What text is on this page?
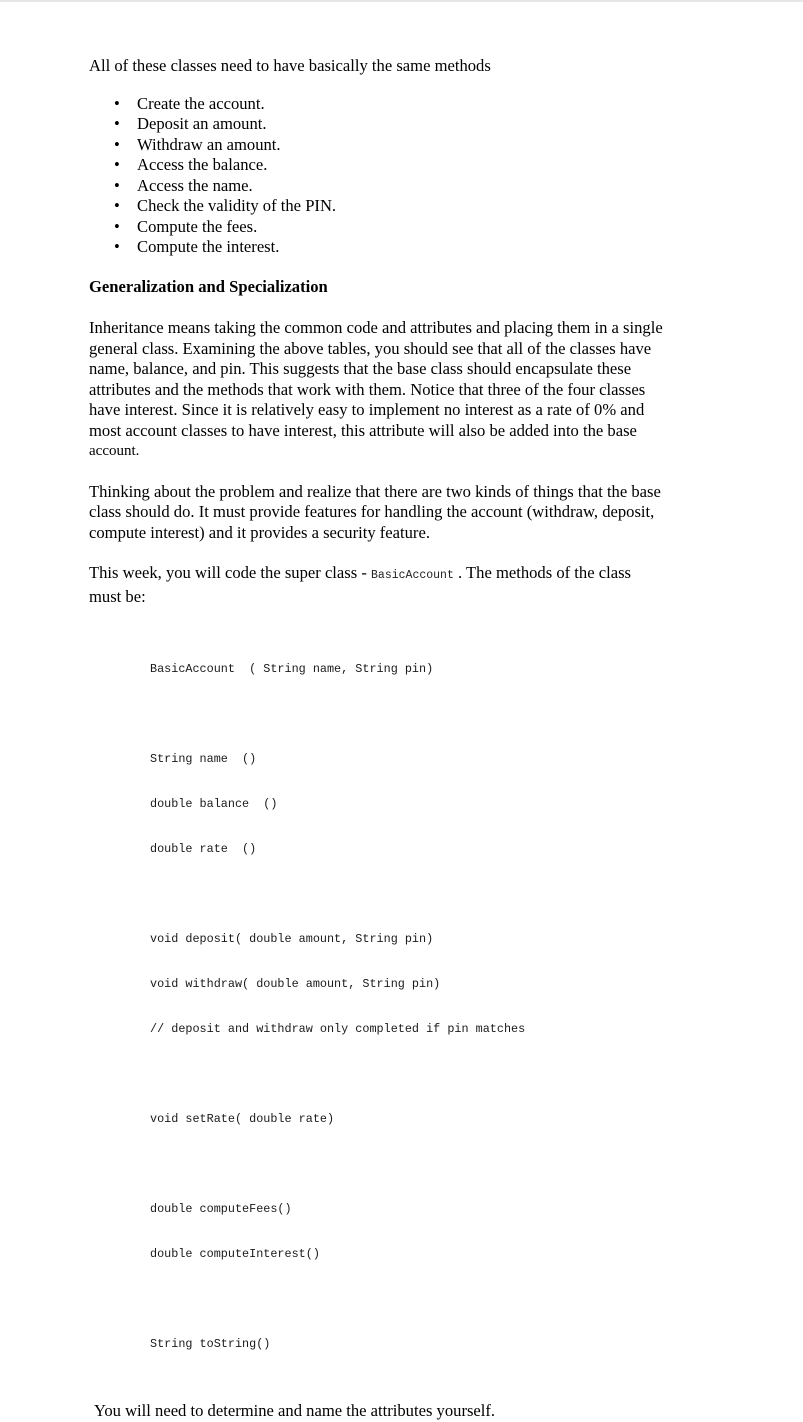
All of these classes need to have basically the same methods

• Create the account.
• Deposit an amount.
• Withdraw an amount.
• Access the balance.
• Access the name.
• Check the validity of the PIN.
• Compute the fees.
• Compute the interest.
Generalization and Specialization
Inheritance means taking the common code and attributes and placing them in a single
general class. Examining the above tables, you should see that all of the classes have
name, balance, and pin. This suggests that the base class should encapsulate these
attributes and the methods that work with them. Notice that three of the four classes
have interest. Since it is relatively easy to implement no interest as a rate of 0% and
most account classes to have interest, this attribute will also be added into the base
account.
Thinking about the problem and realize that there are two kinds of things that the base
class should do. It must provide features for handling the account (withdraw, deposit,
compute interest) and it provides a security feature.
This week, you will code the super class - BasicAccount . The methods of the class
must be:

BasicAccount  ( String name, String pin)

String name  ()

double balance  ()

double rate  ()

void deposit( double amount, String pin)

void withdraw( double amount, String pin)

// deposit and withdraw only completed if pin matches

void setRate( double rate)

double computeFees()

double computeInterest()

String toString()

You will need to determine and name the attributes yourself.
